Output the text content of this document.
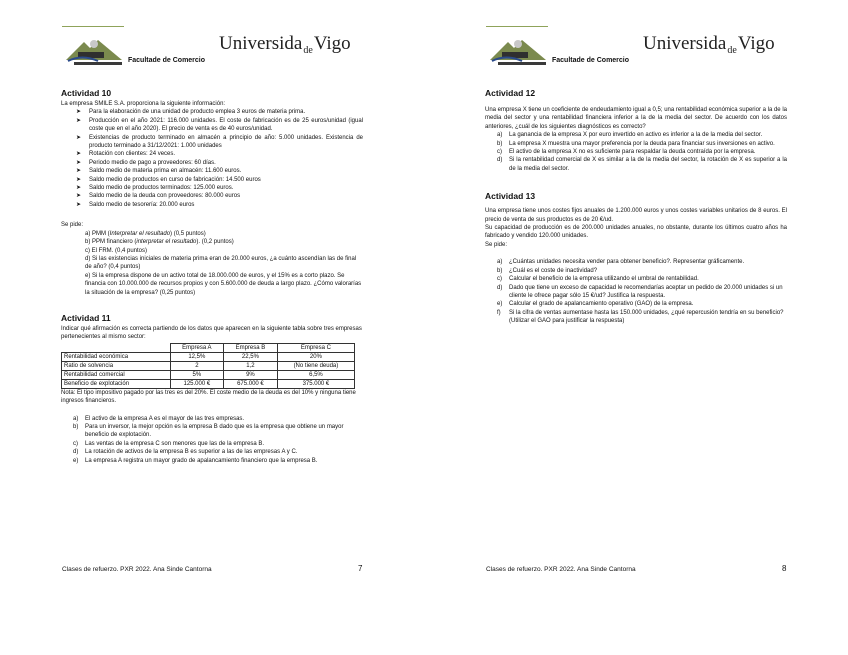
Facultade de Comercio
Universida$_{de}$Vigo
Actividad 10
La empresa SMILE S.A. proporciona la siguiente información:
➤ Para la elaboración de una unidad de producto emplea 3 euros de materia prima.
➤ Producción en el año 2021: 116.000 unidades. El coste de fabricación es de 25 euros/unidad (igual coste que en el año 2020). El precio de venta es de 40 euros/unidad.
➤ Existencias de producto terminado en almacén a principio de año: 5.000 unidades. Existencia de producto terminado a 31/12/2021: 1.000 unidades
➤ Rotación con clientes: 24 veces.
➤ Periodo medio de pago a proveedores: 60 días.
➤ Saldo medio de materia prima en almacén: 11.600 euros.
➤ Saldo medio de productos en curso de fabricación: 14.500 euros
➤ Saldo medio de productos terminados: 125.000 euros.
➤ Saldo medio de la deuda con proveedores: 80.000 euros
➤ Saldo medio de tesorería: 20.000 euros
Se pide:
a) PMM (Interpretar el resultado) (0,5 puntos)
b) PPM financiero (interpretar el resultado). (0,2 puntos)
c) El FRM. (0,4 puntos)
d) Si las existencias iniciales de materia prima eran de 20.000 euros, ¿a cuánto ascendían las de final de año? (0,4 puntos)
e) Si la empresa dispone de un activo total de 18.000.000 de euros, y el 15% es a corto plazo. Se financia con 10.000.000 de recursos propios y con 5.600.000 de deuda a largo plazo. ¿Cómo valorarías la situación de la empresa? (0,25 puntos)
Actividad 11
Indicar qué afirmación es correcta partiendo de los datos que aparecen en la siguiente tabla sobre tres empresas pertenecientes al mismo sector:
	Empresa A	Empresa B	Empresa C
Rentabilidad económica	12,5%	22,5%	20%
Ratio de solvencia	2	1,2	(No tiene deuda)
Rentabilidad comercial	5%	9%	6,5%
Beneficio de explotación	125.000 €	675.000 €	375.000 €
Nota: El tipo impositivo pagado por las tres es del 20%. El coste medio de la deuda es del 10% y ninguna tiene ingresos financieros.
a) El activo de la empresa A es el mayor de las tres empresas.
b) Para un inversor, la mejor opción es la empresa B dado que es la empresa que obtiene un mayor beneficio de explotación.
c) Las ventas de la empresa C son menores que las de la empresa B.
d) La rotación de activos de la empresa B es superior a las de las empresas A y C.
e) La empresa A registra un mayor grado de apalancamiento financiero que la empresa B.
Clases de refuerzo. PXR 2022. Ana Sinde Cantorna	7
Facultade de Comercio
Universida$_{de}$Vigo
Actividad 12
Una empresa X tiene un coeficiente de endeudamiento igual a 0,5; una rentabilidad económica superior a la de la media del sector y una rentabilidad financiera inferior a la de la media del sector. De acuerdo con los datos anteriores, ¿cuál de los siguientes diagnósticos es correcto?
a) La ganancia de la empresa X por euro invertido en activo es inferior a la de la media del sector.
b) La empresa X muestra una mayor preferencia por la deuda para financiar sus inversiones en activo.
c) El activo de la empresa X no es suficiente para respaldar la deuda contraída por la empresa.
d) Si la rentabilidad comercial de X es similar a la de la media del sector, la rotación de X es superior a la de la media del sector.
Actividad 13
Una empresa tiene unos costes fijos anuales de 1.200.000 euros y unos costes variables unitarios de 8 euros. El precio de venta de sus productos es de 20 €/ud.
Su capacidad de producción es de 200.000 unidades anuales, no obstante, durante los últimos cuatro años ha fabricado y vendido 120.000 unidades.
Se pide:
a) ¿Cuántas unidades necesita vender para obtener beneficio?. Representar gráficamente.
b) ¿Cuál es el coste de inactividad?
c) Calcular el beneficio de la empresa utilizando el umbral de rentabilidad.
d) Dado que tiene un exceso de capacidad le recomendarías aceptar un pedido de 20.000 unidades si un cliente le ofrece pagar sólo 15 €/ud? Justifica la respuesta.
e) Calcular el grado de apalancamiento operativo (GAO) de la empresa.
f) Si la cifra de ventas aumentase hasta las 150.000 unidades, ¿qué repercusión tendría en su beneficio? (Utilizar el GAO para justificar la respuesta)
Clases de refuerzo. PXR 2022. Ana Sinde Cantorna	8
